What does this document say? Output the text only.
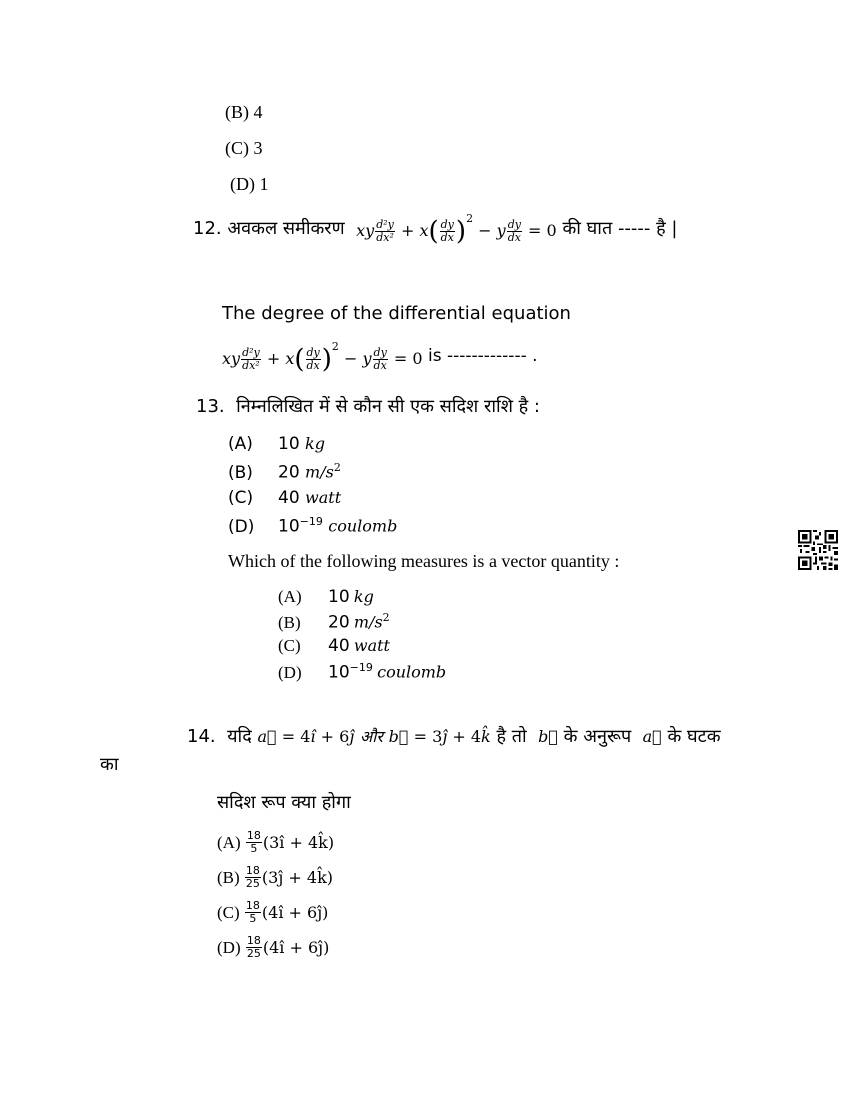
(B) 4
(C) 3
(D) 1
12.
अवकल समीकरण
xy $\frac{\text{d²y}}{\text{dx²}} + x( \frac{dy}{dx} )^2 - y \frac{dy}{dx} = 0$
की घात ----- है |
The degree of the differential equation
xy $\frac{\text{d²y}}{\text{dx²}} + x( \frac{dy}{dx} )^2 - y \frac{dy}{dx} = 0$
is ------------- .
13. निम्नलिखित में से कौन सी एक सदिश राशि है :
(A) 10 kg
(B) 20 $m/s^2$
(C) 40 watt
(D) $10^{-19}$ coulomb
Which of the following measures is a vector quantity :
(A) 10 kg
(B) 20 $m/s^2$
(C) 40 watt
(D) $10^{-19}$ coulomb
14. यदि a⃗ = 4î + 6ĵ और b⃗ = 3ĵ + 4k̂ है तो b⃗ के अनुरूप a⃗ के घटक
का
सदिश रूप क्या होगा
(A)
$\frac{18}{5}$ (3î + 4k̂)
(B)
$\frac{18}{25}$ (3ĵ + 4k̂)
(C)
$\frac{18}{5}$ (4î + 6ĵ)
(D)
$\frac{18}{25}$ (4î + 6ĵ)
